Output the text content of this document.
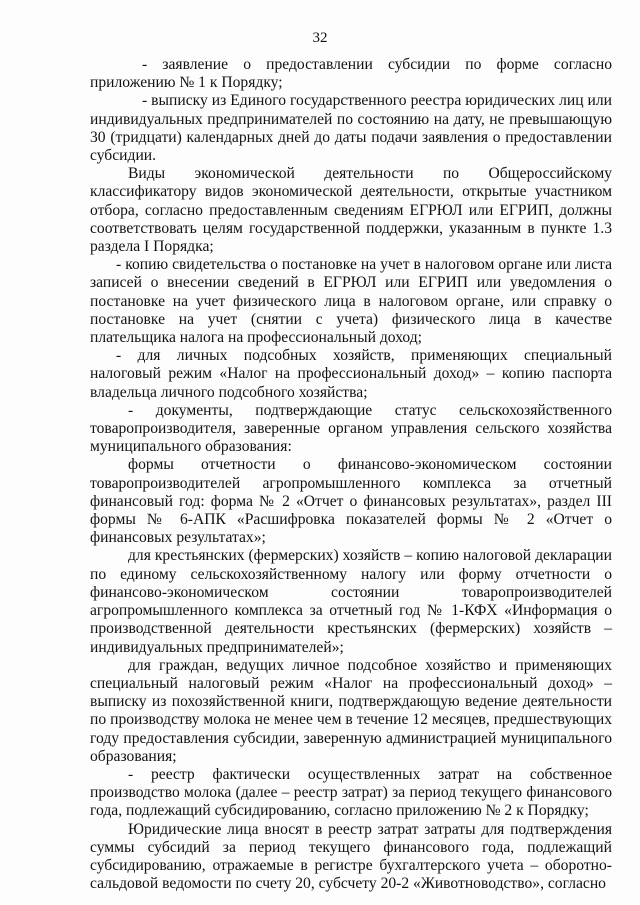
32

- заявление о предоставлении субсидии по форме согласно приложению № 1 к Порядку;

- выписку из Единого государственного реестра юридических лиц или индивидуальных предпринимателей по состоянию на дату, не превышающую 30 (тридцати) календарных дней до даты подачи заявления о предоставлении субсидии.

Виды экономической деятельности по Общероссийскому классификатору видов экономической деятельности, открытые участником отбора, согласно предоставленным сведениям ЕГРЮЛ или ЕГРИП, должны соответствовать целям государственной поддержки, указанным в пункте 1.3 раздела I Порядка;

- копию свидетельства о постановке на учет в налоговом органе или листа записей о внесении сведений в ЕГРЮЛ или ЕГРИП или уведомления о постановке на учет физического лица в налоговом органе, или справку о постановке на учет (снятии с учета) физического лица в качестве плательщика налога на профессиональный доход;

- для личных подсобных хозяйств, применяющих специальный налоговый режим «Налог на профессиональный доход» – копию паспорта владельца личного подсобного хозяйства;

- документы, подтверждающие статус сельскохозяйственного товаропроизводителя, заверенные органом управления сельского хозяйства муниципального образования:

формы отчетности о финансово-экономическом состоянии товаропроизводителей агропромышленного комплекса за отчетный финансовый год: форма № 2 «Отчет о финансовых результатах», раздел III формы № 6-АПК «Расшифровка показателей формы № 2 «Отчет о финансовых результатах»;

для крестьянских (фермерских) хозяйств – копию налоговой декларации по единому сельскохозяйственному налогу или форму отчетности о финансово-экономическом состоянии товаропроизводителей агропромышленного комплекса за отчетный год № 1-КФХ «Информация о производственной деятельности крестьянских (фермерских) хозяйств – индивидуальных предпринимателей»;

для граждан, ведущих личное подсобное хозяйство и применяющих специальный налоговый режим «Налог на профессиональный доход» – выписку из похозяйственной книги, подтверждающую ведение деятельности по производству молока не менее чем в течение 12 месяцев, предшествующих году предоставления субсидии, заверенную администрацией муниципального образования;

- реестр фактически осуществленных затрат на собственное производство молока (далее – реестр затрат) за период текущего финансового года, подлежащий субсидированию, согласно приложению № 2 к Порядку;

Юридические лица вносят в реестр затрат затраты для подтверждения суммы субсидий за период текущего финансового года, подлежащий субсидированию, отражаемые в регистре бухгалтерского учета – оборотно-сальдовой ведомости по счету 20, субсчету 20-2 «Животноводство», согласно
